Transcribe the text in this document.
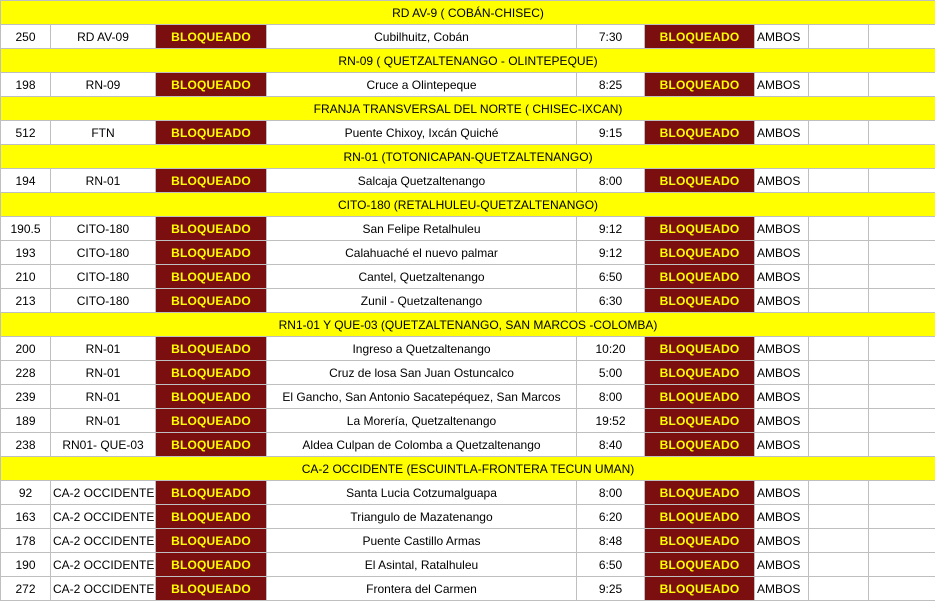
RD AV-9 ( COBÁN-CHISEC)								
250	RD AV-09	BLOQUEADO	Cubilhuitz, Cobán	7:30	BLOQUEADO	AMBOS		
RN-09 ( QUETZALTENANGO - OLINTEPEQUE)								
198	RN-09	BLOQUEADO	Cruce a Olintepeque	8:25	BLOQUEADO	AMBOS		
FRANJA TRANSVERSAL DEL NORTE ( CHISEC-IXCAN)								
512	FTN	BLOQUEADO	Puente Chixoy, Ixcán Quiché	9:15	BLOQUEADO	AMBOS		
RN-01 (TOTONICAPAN-QUETZALTENANGO)								
194	RN-01	BLOQUEADO	Salcaja Quetzaltenango	8:00	BLOQUEADO	AMBOS		
CITO-180 (RETALHULEU-QUETZALTENANGO)								
190.5	CITO-180	BLOQUEADO	San Felipe Retalhuleu	9:12	BLOQUEADO	AMBOS		
193	CITO-180	BLOQUEADO	Calahuaché el nuevo palmar	9:12	BLOQUEADO	AMBOS		
210	CITO-180	BLOQUEADO	Cantel, Quetzaltenango	6:50	BLOQUEADO	AMBOS		
213	CITO-180	BLOQUEADO	Zunil - Quetzaltenango	6:30	BLOQUEADO	AMBOS		
RN1-01 Y QUE-03 (QUETZALTENANGO, SAN MARCOS -COLOMBA)								
200	RN-01	BLOQUEADO	Ingreso a Quetzaltenango	10:20	BLOQUEADO	AMBOS		
228	RN-01	BLOQUEADO	Cruz de losa San Juan Ostuncalco	5:00	BLOQUEADO	AMBOS		
239	RN-01	BLOQUEADO	El Gancho, San Antonio Sacatepéquez, San Marcos	8:00	BLOQUEADO	AMBOS		
189	RN-01	BLOQUEADO	La Morería, Quetzaltenango	19:52	BLOQUEADO	AMBOS		
238	RN01- QUE-03	BLOQUEADO	Aldea Culpan de Colomba a Quetzaltenango	8:40	BLOQUEADO	AMBOS		
CA-2 OCCIDENTE (ESCUINTLA-FRONTERA TECUN UMAN)								
92	CA-2 OCCIDENTE	BLOQUEADO	Santa Lucia Cotzumalguapa	8:00	BLOQUEADO	AMBOS		
163	CA-2 OCCIDENTE	BLOQUEADO	Triangulo de Mazatenango	6:20	BLOQUEADO	AMBOS		
178	CA-2 OCCIDENTE	BLOQUEADO	Puente Castillo Armas	8:48	BLOQUEADO	AMBOS		
190	CA-2 OCCIDENTE	BLOQUEADO	El Asintal, Ratalhuleu	6:50	BLOQUEADO	AMBOS		
272	CA-2 OCCIDENTE	BLOQUEADO	Frontera del Carmen	9:25	BLOQUEADO	AMBOS		
